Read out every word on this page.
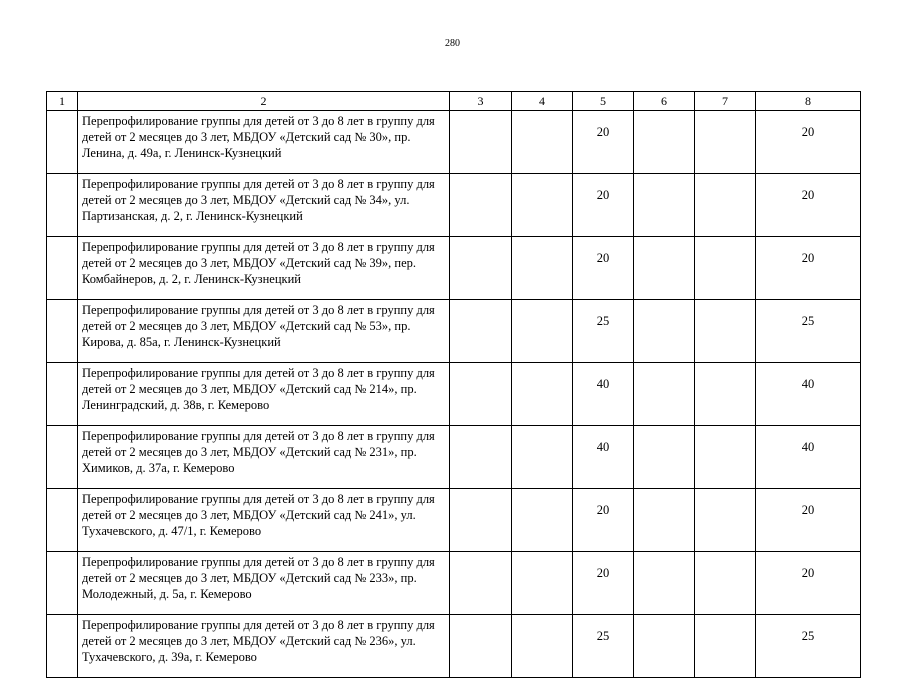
280
1	2	3	4	5	6	7	8
	Перепрофилирование группы для детей от 3 до 8 лет в группу для детей от 2 месяцев до 3 лет, МБДОУ «Детский сад № 30», пр. Ленина, д. 49а, г. Ленинск-Кузнецкий			20			20
	Перепрофилирование группы для детей от 3 до 8 лет в группу для детей от 2 месяцев до 3 лет, МБДОУ «Детский сад № 34», ул. Партизанская, д. 2, г. Ленинск-Кузнецкий			20			20
	Перепрофилирование группы для детей от 3 до 8 лет в группу для детей от 2 месяцев до 3 лет, МБДОУ «Детский сад № 39», пер. Комбайнеров, д. 2, г. Ленинск-Кузнецкий			20			20
	Перепрофилирование группы для детей от 3 до 8 лет в группу для детей от 2 месяцев до 3 лет, МБДОУ «Детский сад № 53», пр. Кирова, д. 85а, г. Ленинск-Кузнецкий			25			25
	Перепрофилирование группы для детей от 3 до 8 лет в группу для детей от 2 месяцев до 3 лет, МБДОУ «Детский сад № 214», пр. Ленинградский, д. 38в, г. Кемерово			40			40
	Перепрофилирование группы для детей от 3 до 8 лет в группу для детей от 2 месяцев до 3 лет, МБДОУ «Детский сад № 231», пр. Химиков, д. 37а, г. Кемерово			40			40
	Перепрофилирование группы для детей от 3 до 8 лет в группу для детей от 2 месяцев до 3 лет, МБДОУ «Детский сад № 241», ул. Тухачевского, д. 47/1, г. Кемерово			20			20
	Перепрофилирование группы для детей от 3 до 8 лет в группу для детей от 2 месяцев до 3 лет, МБДОУ «Детский сад № 233», пр. Молодежный, д. 5а, г. Кемерово			20			20
	Перепрофилирование группы для детей от 3 до 8 лет в группу для детей от 2 месяцев до 3 лет, МБДОУ «Детский сад № 236», ул. Тухачевского, д. 39а, г. Кемерово			25			25
